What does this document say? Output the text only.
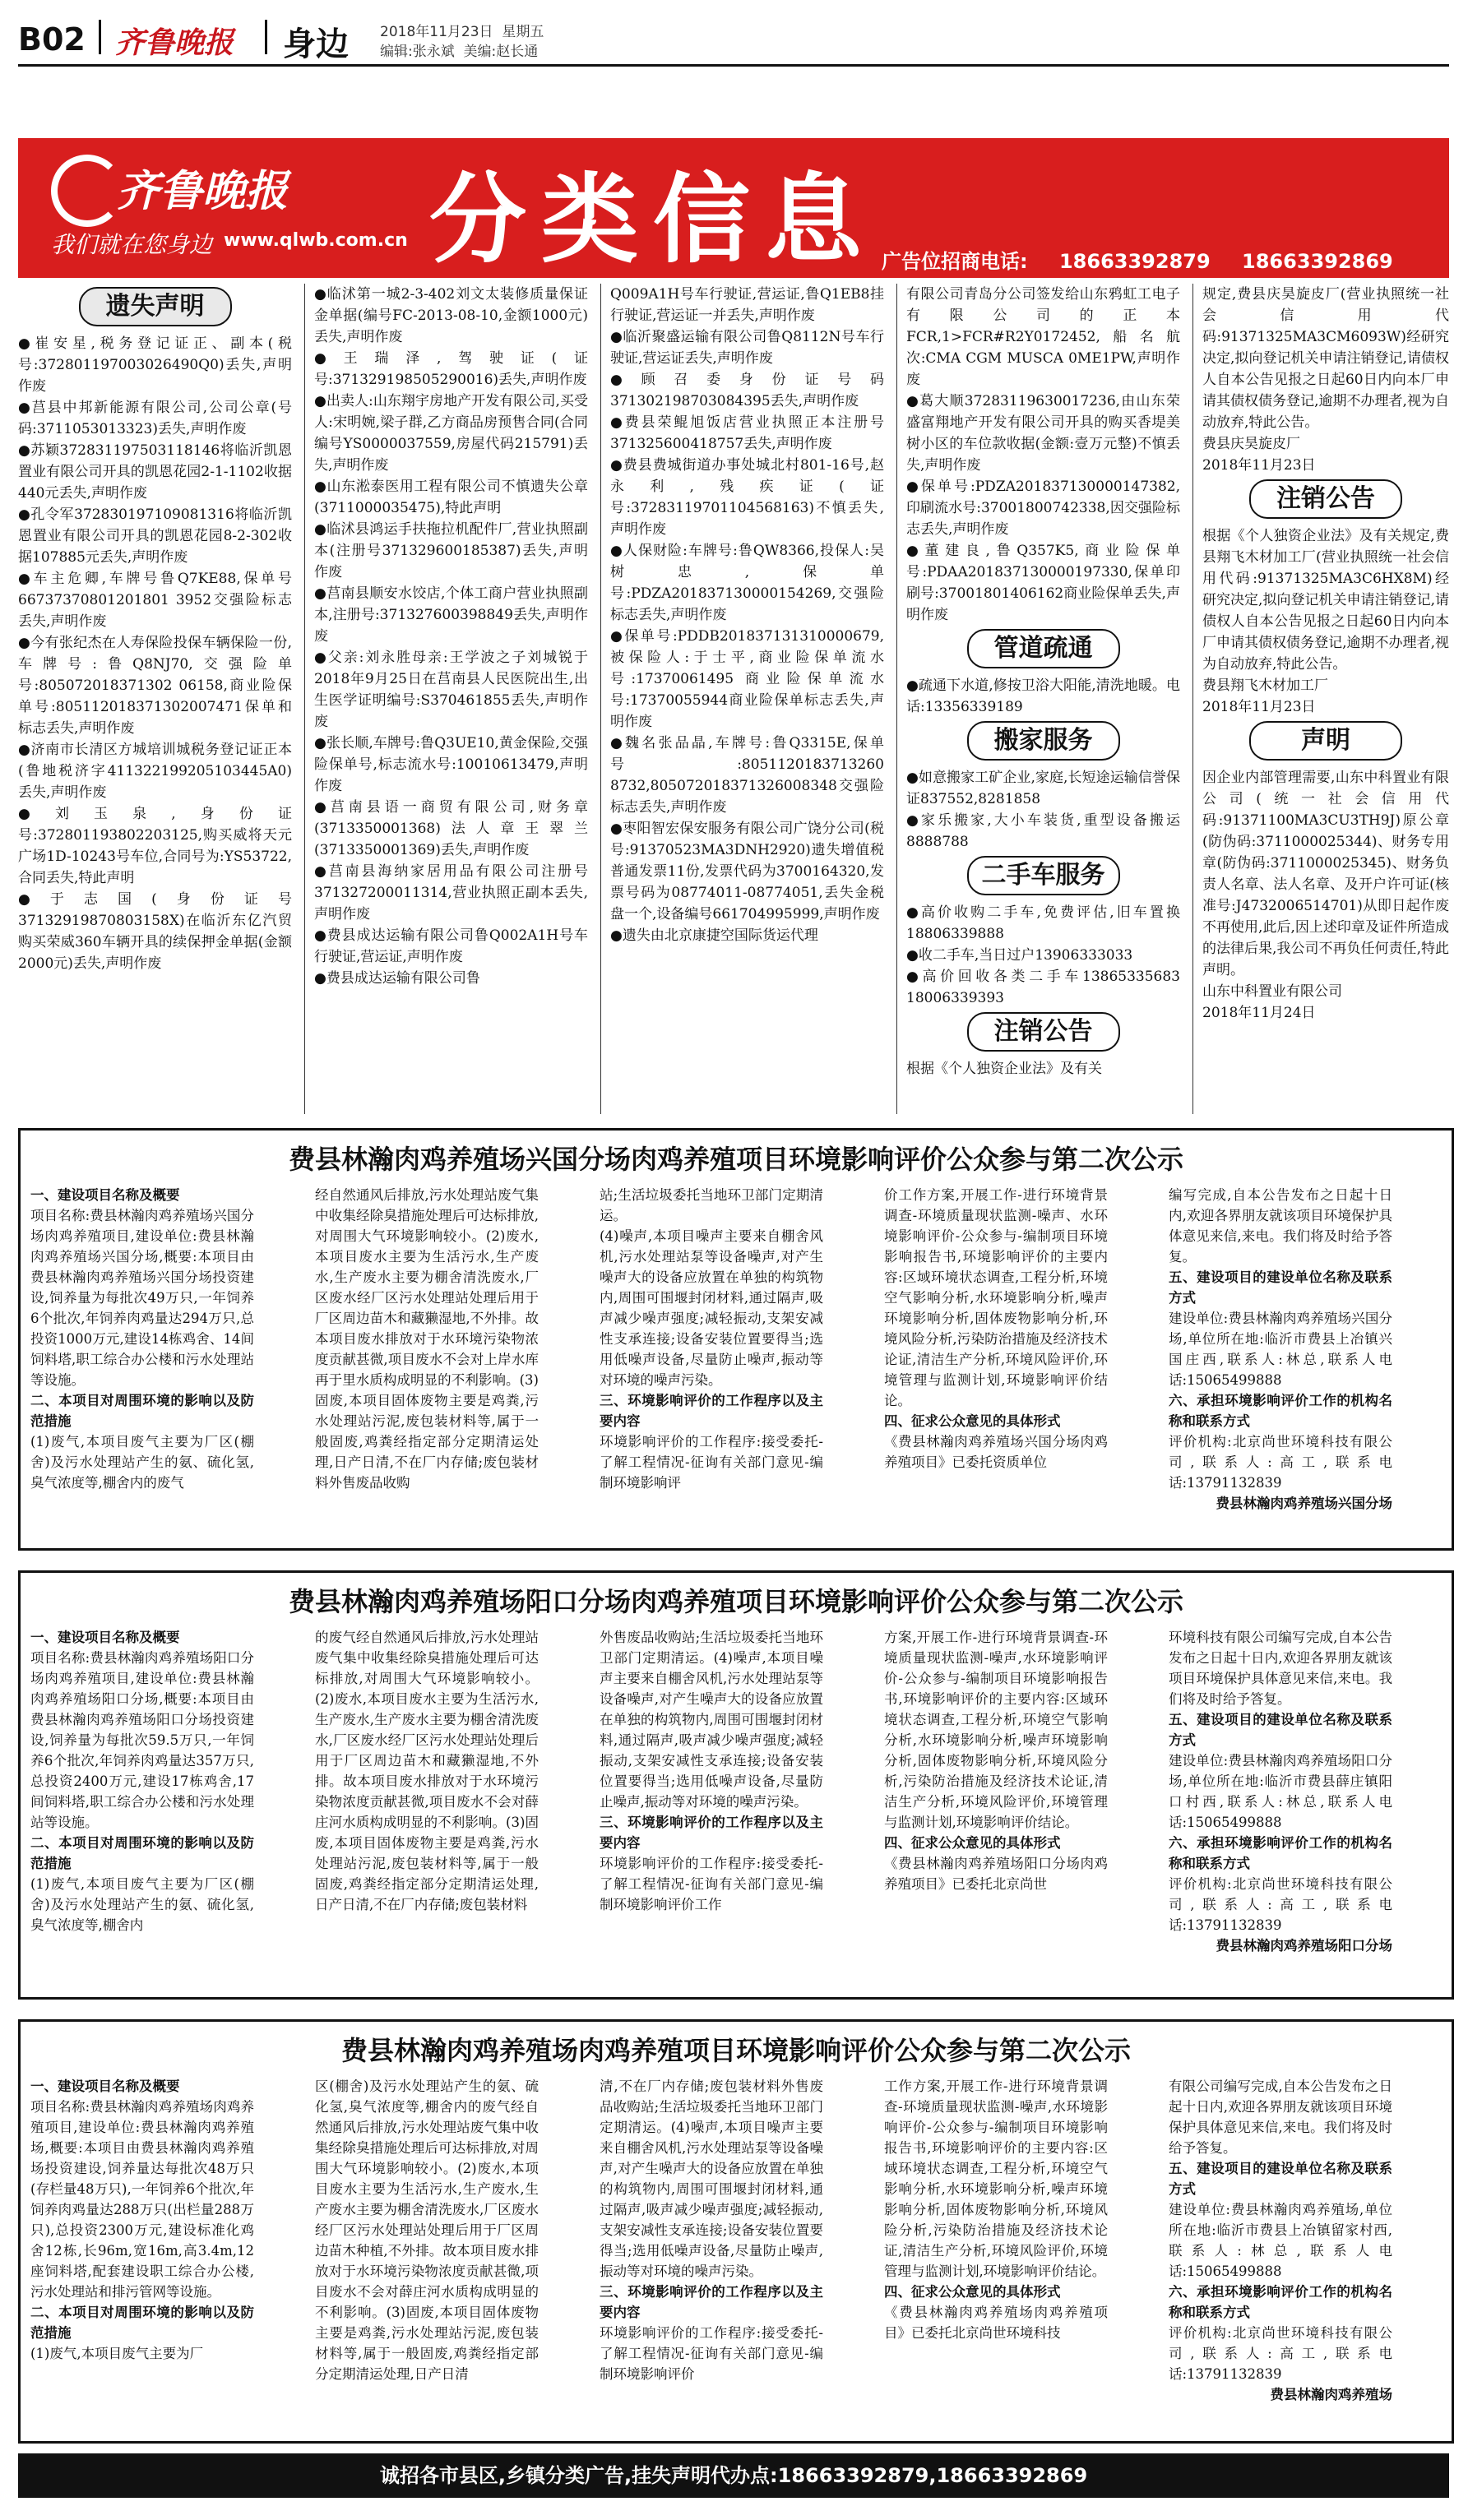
B02 齐鲁晚报 身边 2018年11月23日 星期五
编辑:张永斌 美编:赵长通
齐鲁晚报
我们就在您身边 www.qlwb.com.cn 分类信息 广告位招商电话: 18663392879 18663392869
遗失声明

●崔安星,税务登记证正、副本(税号:372801197003026490Q0)丢失,声明作废

●莒县中邦新能源有限公司,公司公章(号码:3711053013323)丢失,声明作废

●苏颖372831197503118146将临沂凯恩置业有限公司开具的凯恩花园2-1-1102收据440元丢失,声明作废

●孔令军372830197109081316将临沂凯恩置业有限公司开具的凯恩花园8-2-302收据107885元丢失,声明作废

●车主危卿,车牌号鲁Q7KE88,保单号66737370801201801 3952交强险标志丢失,声明作废

●今有张纪杰在人寿保险投保车辆保险一份,车牌号:鲁Q8NJ70,交强险单号:805072018371302 06158,商业险保单号:805112018371302007471保单和标志丢失,声明作废

●济南市长清区方城培训城税务登记证正本(鲁地税济字411322199205103445A0)丢失,声明作废

●刘玉泉,身份证号:372801193802203125,购买威将天元广场1D-10243号车位,合同号为:YS53722,合同丢失,特此声明

●于志国(身份证号37132919870803158X)在临沂东亿汽贸购买荣威360车辆开具的续保押金单据(金额2000元)丢失,声明作废

●临沭第一城2-3-402刘文太装修质量保证金单据(编号FC-2013-08-10,金额1000元)丢失,声明作废

●王瑞泽,驾驶证(证号:371329198505290016)丢失,声明作废

●出卖人:山东翔宇房地产开发有限公司,买受人:宋明婉,梁子群,乙方商品房预售合同(合同编号YS0000037559,房屋代码215791)丢失,声明作废

●山东淞泰医用工程有限公司不慎遗失公章(3711000035475),特此声明

●临沭县鸿运手扶拖拉机配件厂,营业执照副本(注册号371329600185387)丢失,声明作废

●莒南县顺安水饺店,个体工商户营业执照副本,注册号:371327600398849丢失,声明作废

●父亲:刘永胜母亲:王学波之子刘城锐于2018年9月25日在莒南县人民医院出生,出生医学证明编号:S370461855丢失,声明作废

●张长顺,车牌号:鲁Q3UE10,黄金保险,交强险保单号,标志流水号:10010613479,声明作废

●莒南县语一商贸有限公司,财务章(3713350001368)法人章王翠兰(3713350001369)丢失,声明作废

●莒南县海纳家居用品有限公司注册号371327200011314,营业执照正副本丢失,声明作废

●费县成达运输有限公司鲁Q002A1H号车行驶证,营运证,声明作废

●费县成达运输有限公司鲁

Q009A1H号车行驶证,营运证,鲁Q1EB8挂行驶证,营运证一并丢失,声明作废

●临沂聚盛运输有限公司鲁Q8112N号车行驶证,营运证丢失,声明作废

●顾召委身份证号码371302198703084395丢失,声明作废

●费县荣鲲旭饭店营业执照正本注册号371325600418757丢失,声明作废

●费县费城街道办事处城北村801-16号,赵永利,残疾证(证号:37283119701104568163)不慎丢失,声明作废

●人保财险:车牌号:鲁QW8366,投保人:吴树忠,保单号:PDZA201837130000154269,交强险标志丢失,声明作废

●保单号:PDDB201837131310000679,被保险人:于士平,商业险保单流水号:17370061495 商业险保单流水号:17370055944商业险保单标志丢失,声明作废

●魏名张品晶,车牌号:鲁Q3315E,保单号:8051120183713260 8732,805072018371326008348交强险标志丢失,声明作废

●枣阳智宏保安服务有限公司广饶分公司(税号:91370523MA3DNH2920)遗失增值税普通发票11份,发票代码为3700164320,发票号码为08774011-08774051,丢失金税盘一个,设备编号661704995999,声明作废

●遗失由北京康捷空国际货运代理

有限公司青岛分公司签发给山东鸦虹工电子有限公司的正本FCR,1>FCR#R2Y0172452,船名航次:CMA CGM MUSCA 0ME1PW,声明作废

●葛大顺37283119630017236,由山东荣盛富翔地产开发有限公司开具的购买香堤美树小区的车位款收据(金额:壹万元整)不慎丢失,声明作废

●保单号:PDZA201837130000147382,印刷流水号:37001800742338,因交强险标志丢失,声明作废

●董建良,鲁Q357K5,商业险保单号:PDAA201837130000197330,保单印刷号:37001801406162商业险保单丢失,声明作废

管道疏通

●疏通下水道,修按卫浴大阳能,清洗地暖。电话:13356339189

搬家服务

●如意搬家工矿企业,家庭,长短途运输信誉保证837552,8281858

●家乐搬家,大小车装货,重型设备搬运8888788

二手车服务

●高价收购二手车,免费评估,旧车置换18806339888

●收二手车,当日过户13906333033

●高价回收各类二手车13865335683 18006339393

注销公告

根据《个人独资企业法》及有关

规定,费县庆昊旋皮厂(营业执照统一社会信用代码:91371325MA3CM6093W)经研究决定,拟向登记机关申请注销登记,请债权人自本公告见报之日起60日内向本厂申请其债权债务登记,逾期不办理者,视为自动放弃,特此公告。

费县庆昊旋皮厂

2018年11月23日

注销公告

根据《个人独资企业法》及有关规定,费县翔飞木材加工厂(营业执照统一社会信用代码:91371325MA3C6HX8M)经研究决定,拟向登记机关申请注销登记,请债权人自本公告见报之日起60日内向本厂申请其债权债务登记,逾期不办理者,视为自动放弃,特此公告。

费县翔飞木材加工厂

2018年11月23日

声明

因企业内部管理需要,山东中科置业有限公司(统一社会信用代码:91371100MA3CU3TH9J)原公章(防伪码:3711000025344)、财务专用章(防伪码:3711000025345)、财务负责人名章、法人名章、及开户许可证(核准号:J4732006514701)从即日起作废不再使用,此后,因上述印章及证件所造成的法律后果,我公司不再负任何责任,特此声明。

山东中科置业有限公司

2018年11月24日

费县林瀚肉鸡养殖场兴国分场肉鸡养殖项目环境影响评价公众参与第二次公示
一、建设项目名称及概要
项目名称:费县林瀚肉鸡养殖场兴国分场肉鸡养殖项目,建设单位:费县林瀚肉鸡养殖场兴国分场,概要:本项目由费县林瀚肉鸡养殖场兴国分场投资建设,饲养量为每批次49万只,一年饲养6个批次,年饲养肉鸡量达294万只,总投资1000万元,建设14栋鸡舍、14间饲料塔,职工综合办公楼和污水处理站等设施。
二、本项目对周围环境的影响以及防范措施
(1)废气,本项目废气主要为厂区(棚舍)及污水处理站产生的氨、硫化氢,臭气浓度等,棚舍内的废气
经自然通风后排放,污水处理站废气集中收集经除臭措施处理后可达标排放,对周围大气环境影响较小。(2)废水,本项目废水主要为生活污水,生产废水,生产废水主要为棚舍清洗废水,厂区废水经厂区污水处理站处理后用于厂区周边苗木和藏獭湿地,不外排。故本项目废水排放对于水环境污染物浓度贡献甚微,项目废水不会对上岸水库再于里水质构成明显的不利影响。(3)固废,本项目固体废物主要是鸡粪,污水处理站污泥,废包装材料等,属于一般固废,鸡粪经指定部分定期清运处理,日产日清,不在厂内存储;废包装材料外售废品收购
站;生活垃圾委托当地环卫部门定期清运。
(4)噪声,本项目噪声主要来自棚舍风机,污水处理站泵等设备噪声,对产生噪声大的设备应放置在单独的构筑物内,周围可围堰封闭材料,通过隔声,吸声减少噪声强度;减轻振动,支架安减性支承连接;设备安装位置要得当;选用低噪声设备,尽量防止噪声,振动等对环境的噪声污染。
三、环境影响评价的工作程序以及主要内容
环境影响评价的工作程序:接受委托-了解工程情况-征询有关部门意见-编制环境影响评
价工作方案,开展工作-进行环境背景调查-环境质量现状监测-噪声、水环境影响评价-公众参与-编制项目环境影响报告书,环境影响评价的主要内容:区域环境状态调查,工程分析,环境空气影响分析,水环境影响分析,噪声环境影响分析,固体废物影响分析,环境风险分析,污染防治措施及经济技术论证,清洁生产分析,环境风险评价,环境管理与监测计划,环境影响评价结论。
四、征求公众意见的具体形式
《费县林瀚肉鸡养殖场兴国分场肉鸡养殖项目》已委托资质单位
编写完成,自本公告发布之日起十日内,欢迎各界朋友就该项目环境保护具体意见来信,来电。我们将及时给予答复。
五、建设项目的建设单位名称及联系方式
建设单位:费县林瀚肉鸡养殖场兴国分场,单位所在地:临沂市费县上冶镇兴国庄西,联系人:林总,联系人电话:15065499888
六、承担环境影响评价工作的机构名称和联系方式
评价机构:北京尚世环境科技有限公司,联系人:高工,联系电话:13791132839
费县林瀚肉鸡养殖场兴国分场
费县林瀚肉鸡养殖场阳口分场肉鸡养殖项目环境影响评价公众参与第二次公示
一、建设项目名称及概要
项目名称:费县林瀚肉鸡养殖场阳口分场肉鸡养殖项目,建设单位:费县林瀚肉鸡养殖场阳口分场,概要:本项目由费县林瀚肉鸡养殖场阳口分场投资建设,饲养量为每批次59.5万只,一年饲养6个批次,年饲养肉鸡量达357万只,总投资2400万元,建设17栋鸡舍,17间饲料塔,职工综合办公楼和污水处理站等设施。
二、本项目对周围环境的影响以及防范措施
(1)废气,本项目废气主要为厂区(棚舍)及污水处理站产生的氨、硫化氢,臭气浓度等,棚舍内
的废气经自然通风后排放,污水处理站废气集中收集经除臭措施处理后可达标排放,对周围大气环境影响较小。(2)废水,本项目废水主要为生活污水,生产废水,生产废水主要为棚舍清洗废水,厂区废水经厂区污水处理站处理后用于厂区周边苗木和藏獭湿地,不外排。故本项目废水排放对于水环境污染物浓度贡献甚微,项目废水不会对薛庄河水质构成明显的不利影响。(3)固废,本项目固体废物主要是鸡粪,污水处理站污泥,废包装材料等,属于一般固废,鸡粪经指定部分定期清运处理,日产日清,不在厂内存储;废包装材料
外售废品收购站;生活垃圾委托当地环卫部门定期清运。(4)噪声,本项目噪声主要来自棚舍风机,污水处理站泵等设备噪声,对产生噪声大的设备应放置在单独的构筑物内,周围可围堰封闭材料,通过隔声,吸声减少噪声强度;减轻振动,支架安减性支承连接;设备安装位置要得当;选用低噪声设备,尽量防止噪声,振动等对环境的噪声污染。
三、环境影响评价的工作程序以及主要内容
环境影响评价的工作程序:接受委托-了解工程情况-征询有关部门意见-编制环境影响评价工作
方案,开展工作-进行环境背景调查-环境质量现状监测-噪声,水环境影响评价-公众参与-编制项目环境影响报告书,环境影响评价的主要内容:区域环境状态调查,工程分析,环境空气影响分析,水环境影响分析,噪声环境影响分析,固体废物影响分析,环境风险分析,污染防治措施及经济技术论证,清洁生产分析,环境风险评价,环境管理与监测计划,环境影响评价结论。
四、征求公众意见的具体形式
《费县林瀚肉鸡养殖场阳口分场肉鸡养殖项目》已委托北京尚世
环境科技有限公司编写完成,自本公告发布之日起十日内,欢迎各界朋友就该项目环境保护具体意见来信,来电。我们将及时给予答复。
五、建设项目的建设单位名称及联系方式
建设单位:费县林瀚肉鸡养殖场阳口分场,单位所在地:临沂市费县薛庄镇阳口村西,联系人:林总,联系人电话:15065499888
六、承担环境影响评价工作的机构名称和联系方式
评价机构:北京尚世环境科技有限公司,联系人:高工,联系电话:13791132839
费县林瀚肉鸡养殖场阳口分场
费县林瀚肉鸡养殖场肉鸡养殖项目环境影响评价公众参与第二次公示
一、建设项目名称及概要
项目名称:费县林瀚肉鸡养殖场肉鸡养殖项目,建设单位:费县林瀚肉鸡养殖场,概要:本项目由费县林瀚肉鸡养殖场投资建设,饲养量达每批次48万只(存栏量48万只),一年饲养6个批次,年饲养肉鸡量达288万只(出栏量288万只),总投资2300万元,建设标准化鸡舍12栋,长96m,宽16m,高3.4m,12座饲料塔,配套建设职工综合办公楼,污水处理站和排污管网等设施。
二、本项目对周围环境的影响以及防范措施
(1)废气,本项目废气主要为厂
区(棚舍)及污水处理站产生的氨、硫化氢,臭气浓度等,棚舍内的废气经自然通风后排放,污水处理站废气集中收集经除臭措施处理后可达标排放,对周围大气环境影响较小。(2)废水,本项目废水主要为生活污水,生产废水,生产废水主要为棚舍清洗废水,厂区废水经厂区污水处理站处理后用于厂区周边苗木种植,不外排。故本项目废水排放对于水环境污染物浓度贡献甚微,项目废水不会对薛庄河水质构成明显的不利影响。(3)固废,本项目固体废物主要是鸡粪,污水处理站污泥,废包装材料等,属于一般固废,鸡粪经指定部分定期清运处理,日产日清
清,不在厂内存储;废包装材料外售废品收购站;生活垃圾委托当地环卫部门定期清运。(4)噪声,本项目噪声主要来自棚舍风机,污水处理站泵等设备噪声,对产生噪声大的设备应放置在单独的构筑物内,周围可围堰封闭材料,通过隔声,吸声减少噪声强度;减轻振动,支架安减性支承连接;设备安装位置要得当;选用低噪声设备,尽量防止噪声,振动等对环境的噪声污染。
三、环境影响评价的工作程序以及主要内容
环境影响评价的工作程序:接受委托-了解工程情况-征询有关部门意见-编制环境影响评价
工作方案,开展工作-进行环境背景调查-环境质量现状监测-噪声,水环境影响评价-公众参与-编制项目环境影响报告书,环境影响评价的主要内容:区域环境状态调查,工程分析,环境空气影响分析,水环境影响分析,噪声环境影响分析,固体废物影响分析,环境风险分析,污染防治措施及经济技术论证,清洁生产分析,环境风险评价,环境管理与监测计划,环境影响评价结论。
四、征求公众意见的具体形式
《费县林瀚肉鸡养殖场肉鸡养殖项目》已委托北京尚世环境科技
有限公司编写完成,自本公告发布之日起十日内,欢迎各界朋友就该项目环境保护具体意见来信,来电。我们将及时给予答复。
五、建设项目的建设单位名称及联系方式
建设单位:费县林瀚肉鸡养殖场,单位所在地:临沂市费县上冶镇留家村西,联系人:林总,联系人电话:15065499888
六、承担环境影响评价工作的机构名称和联系方式
评价机构:北京尚世环境科技有限公司,联系人:高工,联系电话:13791132839
费县林瀚肉鸡养殖场
诚招各市县区,乡镇分类广告,挂失声明代办点:18663392879,18663392869
